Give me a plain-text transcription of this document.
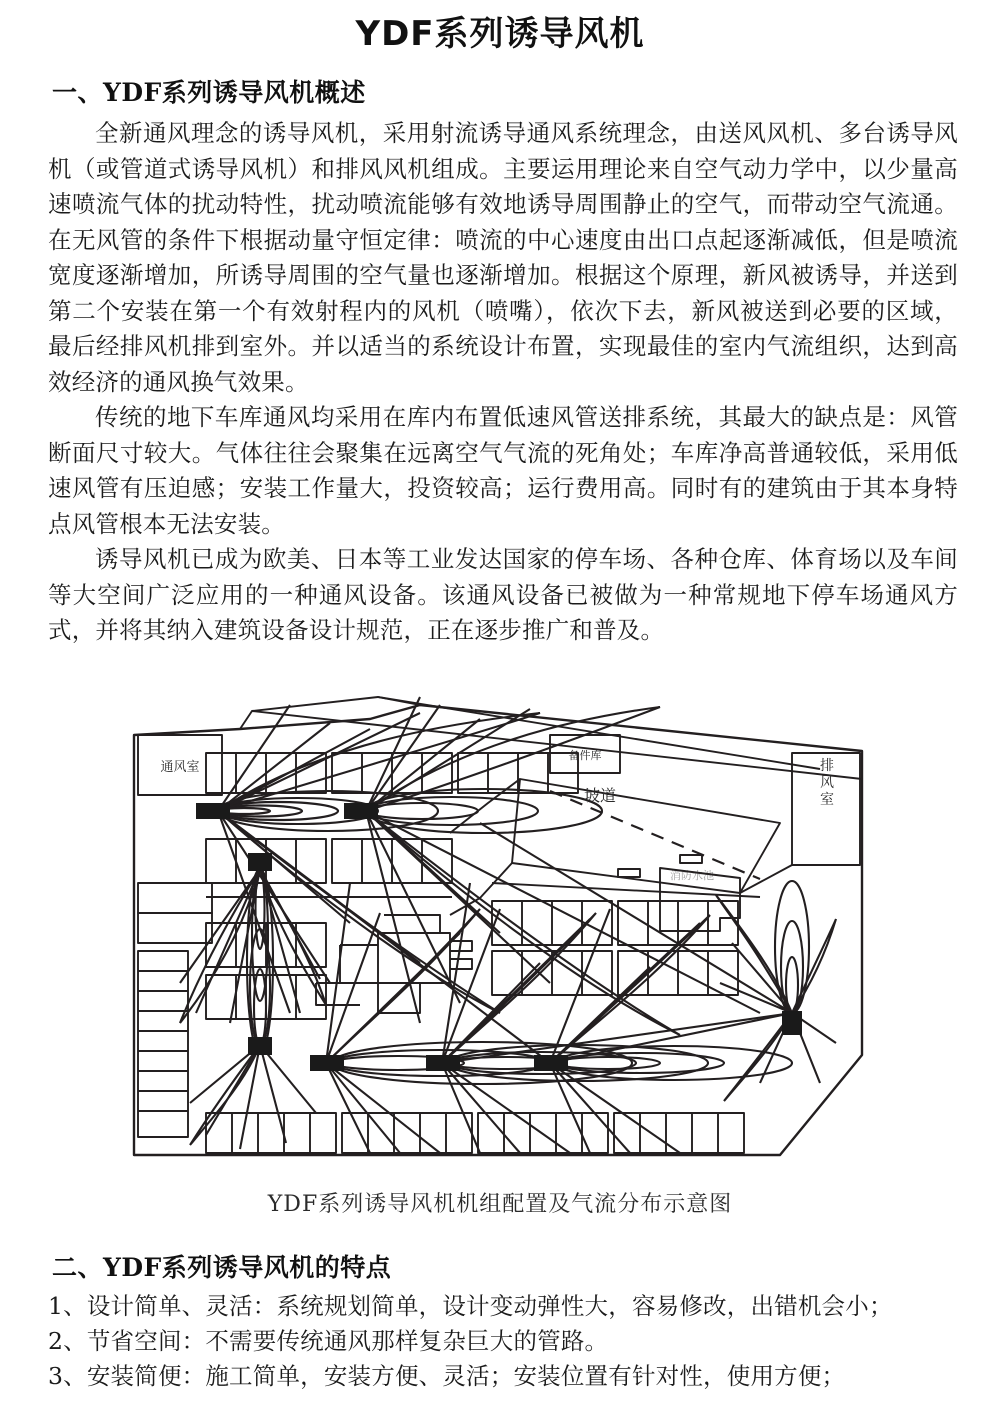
YDF系列诱导风机
一、YDF系列诱导风机概述

全新通风理念的诱导风机，采用射流诱导通风系统理念，由送风风机、多台诱导风机（或管道式诱导风机）和排风风机组成。主要运用理论来自空气动力学中，以少量高速喷流气体的扰动特性，扰动喷流能够有效地诱导周围静止的空气，而带动空气流通。在无风管的条件下根据动量守恒定律：喷流的中心速度由出口点起逐渐减低，但是喷流宽度逐渐增加，所诱导周围的空气量也逐渐增加。根据这个原理，新风被诱导，并送到第二个安装在第一个有效射程内的风机（喷嘴），依次下去，新风被送到必要的区域，最后经排风机排到室外。并以适当的系统设计布置，实现最佳的室内气流组织，达到高效经济的通风换气效果。

传统的地下车库通风均采用在库内布置低速风管送排系统，其最大的缺点是：风管断面尺寸较大。气体往往会聚集在远离空气气流的死角处；车库净高普通较低，采用低速风管有压迫感；安装工作量大，投资较高；运行费用高。同时有的建筑由于其本身特点风管根本无法安装。

诱导风机已成为欧美、日本等工业发达国家的停车场、各种仓库、体育场以及车间等大空间广泛应用的一种通风设备。该通风设备已被做为一种常规地下停车场通风方式，并将其纳入建筑设备设计规范，正在逐步推广和普及。

通风室
备件库
坡道
消防水池
排风室
YDF系列诱导风机机组配置及气流分布示意图
二、YDF系列诱导风机的特点
1、设计简单、灵活：系统规划简单，设计变动弹性大，容易修改，出错机会小；
2、节省空间：不需要传统通风那样复杂巨大的管路。
3、安装简便：施工简单，安装方便、灵活；安装位置有针对性，使用方便；
